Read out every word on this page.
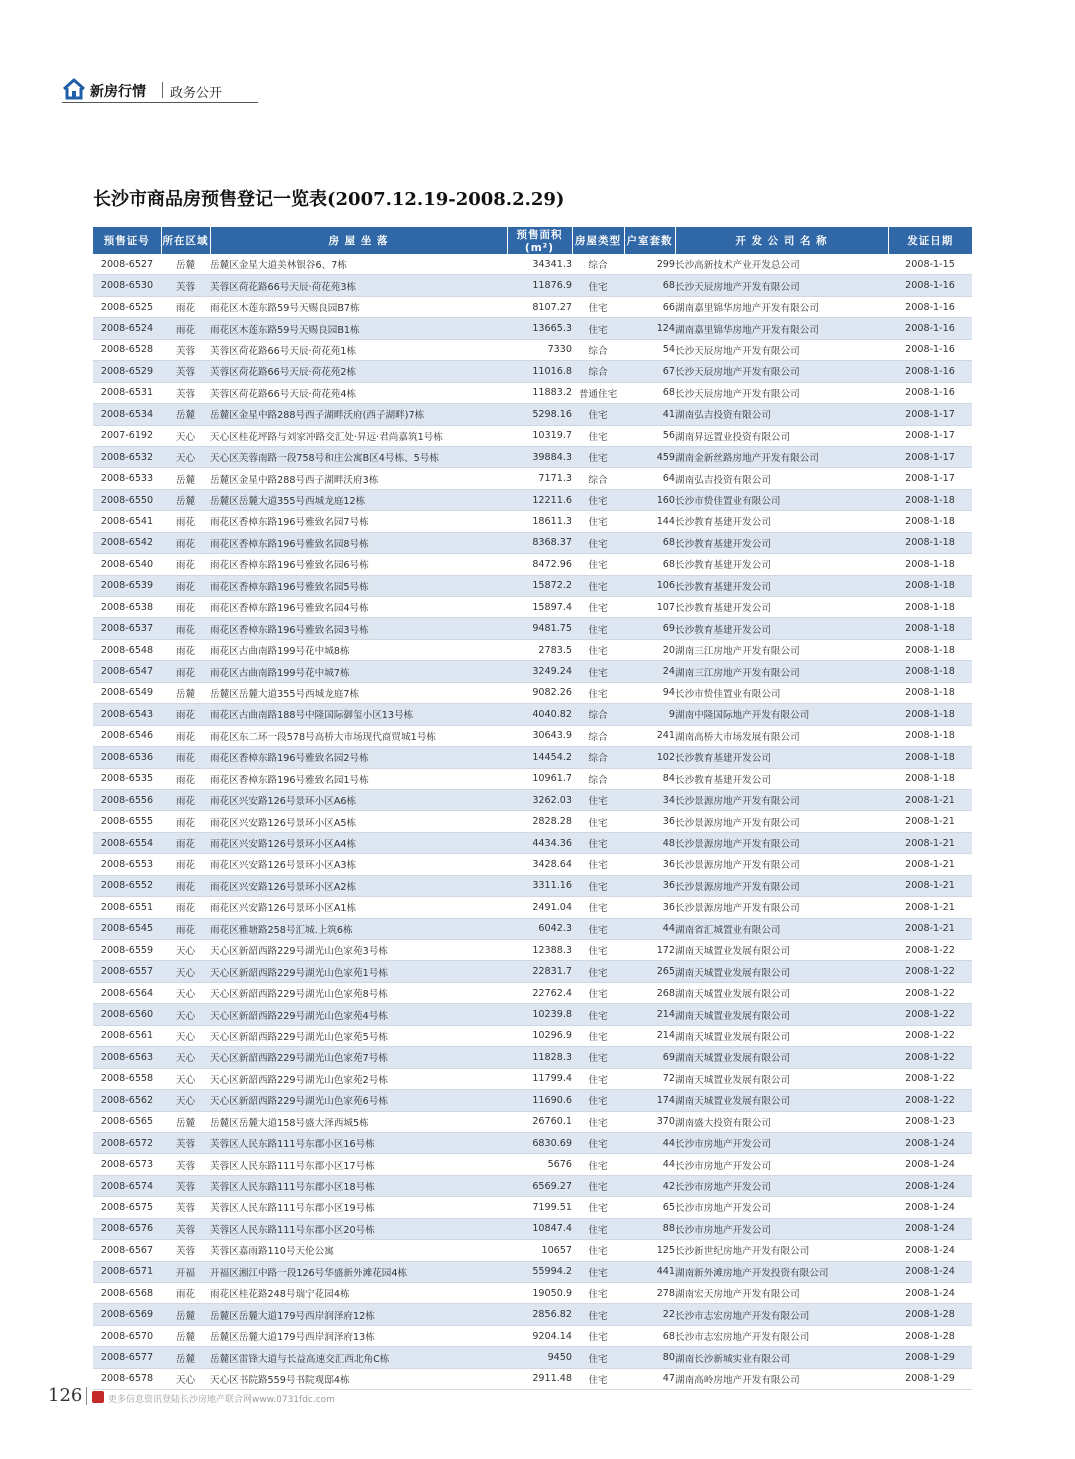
新房行情 政务公开
长沙市商品房预售登记一览表(2007.12.19-2008.2.29)
预售证号	所在区域	房 屋 坐 落	预售面积(m²)	房屋类型	户室套数	开 发 公 司 名 称	发证日期
2008-6527	岳麓	岳麓区金星大道美林银谷6、7栋	34341.3	综合	299	长沙高新技术产业开发总公司	2008-1-15
2008-6530	芙蓉	芙蓉区荷花路66号天辰·荷花苑3栋	11876.9	住宅	68	长沙天辰房地产开发有限公司	2008-1-16
2008-6525	雨花	雨花区木莲东路59号天赐良园B7栋	8107.27	住宅	66	湖南嘉里锦华房地产开发有限公司	2008-1-16
2008-6524	雨花	雨花区木莲东路59号天赐良园B1栋	13665.3	住宅	124	湖南嘉里锦华房地产开发有限公司	2008-1-16
2008-6528	芙蓉	芙蓉区荷花路66号天辰·荷花苑1栋	7330	综合	54	长沙天辰房地产开发有限公司	2008-1-16
2008-6529	芙蓉	芙蓉区荷花路66号天辰·荷花苑2栋	11016.8	综合	67	长沙天辰房地产开发有限公司	2008-1-16
2008-6531	芙蓉	芙蓉区荷花路66号天辰·荷花苑4栋	11883.2	普通住宅	68	长沙天辰房地产开发有限公司	2008-1-16
2008-6534	岳麓	岳麓区金星中路288号西子湖畔沃府(西子湖畔)7栋	5298.16	住宅	41	湖南弘吉投资有限公司	2008-1-17
2007-6192	天心	天心区桂花坪路与刘家冲路交汇处·昇远·君尚嘉筑1号栋	10319.7	住宅	56	湖南昇远置业投资有限公司	2008-1-17
2008-6532	天心	天心区芙蓉南路一段758号和庄公寓B区4号栋、5号栋	39884.3	住宅	459	湖南金新丝路房地产开发有限公司	2008-1-17
2008-6533	岳麓	岳麓区金星中路288号西子湖畔沃府3栋	7171.3	综合	64	湖南弘吉投资有限公司	2008-1-17
2008-6550	岳麓	岳麓区岳麓大道355号西城龙庭12栋	12211.6	住宅	160	长沙市贽佳置业有限公司	2008-1-18
2008-6541	雨花	雨花区香樟东路196号雅致名园7号栋	18611.3	住宅	144	长沙教育基建开发公司	2008-1-18
2008-6542	雨花	雨花区香樟东路196号雅致名园8号栋	8368.37	住宅	68	长沙教育基建开发公司	2008-1-18
2008-6540	雨花	雨花区香樟东路196号雅致名园6号栋	8472.96	住宅	68	长沙教育基建开发公司	2008-1-18
2008-6539	雨花	雨花区香樟东路196号雅致名园5号栋	15872.2	住宅	106	长沙教育基建开发公司	2008-1-18
2008-6538	雨花	雨花区香樟东路196号雅致名园4号栋	15897.4	住宅	107	长沙教育基建开发公司	2008-1-18
2008-6537	雨花	雨花区香樟东路196号雅致名园3号栋	9481.75	住宅	69	长沙教育基建开发公司	2008-1-18
2008-6548	雨花	雨花区古曲南路199号花中城8栋	2783.5	住宅	20	湖南三江房地产开发有限公司	2008-1-18
2008-6547	雨花	雨花区古曲南路199号花中城7栋	3249.24	住宅	24	湖南三江房地产开发有限公司	2008-1-18
2008-6549	岳麓	岳麓区岳麓大道355号西城龙庭7栋	9082.26	住宅	94	长沙市贽佳置业有限公司	2008-1-18
2008-6543	雨花	雨花区古曲南路188号中隆国际御玺小区13号栋	4040.82	综合	9	湖南中隆国际地产开发有限公司	2008-1-18
2008-6546	雨花	雨花区东二环一段578号高桥大市场现代商贸城1号栋	30643.9	综合	241	湖南高桥大市场发展有限公司	2008-1-18
2008-6536	雨花	雨花区香樟东路196号雅致名园2号栋	14454.2	综合	102	长沙教育基建开发公司	2008-1-18
2008-6535	雨花	雨花区香樟东路196号雅致名园1号栋	10961.7	综合	84	长沙教育基建开发公司	2008-1-18
2008-6556	雨花	雨花区兴安路126号景环小区A6栋	3262.03	住宅	34	长沙景源房地产开发有限公司	2008-1-21
2008-6555	雨花	雨花区兴安路126号景环小区A5栋	2828.28	住宅	36	长沙景源房地产开发有限公司	2008-1-21
2008-6554	雨花	雨花区兴安路126号景环小区A4栋	4434.36	住宅	48	长沙景源房地产开发有限公司	2008-1-21
2008-6553	雨花	雨花区兴安路126号景环小区A3栋	3428.64	住宅	36	长沙景源房地产开发有限公司	2008-1-21
2008-6552	雨花	雨花区兴安路126号景环小区A2栋	3311.16	住宅	36	长沙景源房地产开发有限公司	2008-1-21
2008-6551	雨花	雨花区兴安路126号景环小区A1栋	2491.04	住宅	36	长沙景源房地产开发有限公司	2008-1-21
2008-6545	雨花	雨花区雅塘路258号汇城.上筑6栋	6042.3	住宅	44	湖南省汇城置业有限公司	2008-1-21
2008-6559	天心	天心区新韶西路229号湖光山色家苑3号栋	12388.3	住宅	172	湖南天城置业发展有限公司	2008-1-22
2008-6557	天心	天心区新韶西路229号湖光山色家苑1号栋	22831.7	住宅	265	湖南天城置业发展有限公司	2008-1-22
2008-6564	天心	天心区新韶西路229号湖光山色家苑8号栋	22762.4	住宅	268	湖南天城置业发展有限公司	2008-1-22
2008-6560	天心	天心区新韶西路229号湖光山色家苑4号栋	10239.8	住宅	214	湖南天城置业发展有限公司	2008-1-22
2008-6561	天心	天心区新韶西路229号湖光山色家苑5号栋	10296.9	住宅	214	湖南天城置业发展有限公司	2008-1-22
2008-6563	天心	天心区新韶西路229号湖光山色家苑7号栋	11828.3	住宅	69	湖南天城置业发展有限公司	2008-1-22
2008-6558	天心	天心区新韶西路229号湖光山色家苑2号栋	11799.4	住宅	72	湖南天城置业发展有限公司	2008-1-22
2008-6562	天心	天心区新韶西路229号湖光山色家苑6号栋	11690.6	住宅	174	湖南天城置业发展有限公司	2008-1-22
2008-6565	岳麓	岳麓区岳麓大道158号盛大泽西城5栋	26760.1	住宅	370	湖南盛大投资有限公司	2008-1-23
2008-6572	芙蓉	芙蓉区人民东路111号东郡小区16号栋	6830.69	住宅	44	长沙市房地产开发公司	2008-1-24
2008-6573	芙蓉	芙蓉区人民东路111号东郡小区17号栋	5676	住宅	44	长沙市房地产开发公司	2008-1-24
2008-6574	芙蓉	芙蓉区人民东路111号东郡小区18号栋	6569.27	住宅	42	长沙市房地产开发公司	2008-1-24
2008-6575	芙蓉	芙蓉区人民东路111号东郡小区19号栋	7199.51	住宅	65	长沙市房地产开发公司	2008-1-24
2008-6576	芙蓉	芙蓉区人民东路111号东郡小区20号栋	10847.4	住宅	88	长沙市房地产开发公司	2008-1-24
2008-6567	芙蓉	芙蓉区嘉雨路110号天伦公寓	10657	住宅	125	长沙新世纪房地产开发有限公司	2008-1-24
2008-6571	开福	开福区湘江中路一段126号华盛新外滩花园4栋	55994.2	住宅	441	湖南新外滩房地产开发投资有限公司	2008-1-24
2008-6568	雨花	雨花区桂花路248号瑞宁花园4栋	19050.9	住宅	278	湖南宏天房地产开发有限公司	2008-1-24
2008-6569	岳麓	岳麓区岳麓大道179号西岸润泽府12栋	2856.82	住宅	22	长沙市志宏房地产开发有限公司	2008-1-28
2008-6570	岳麓	岳麓区岳麓大道179号西岸润泽府13栋	9204.14	住宅	68	长沙市志宏房地产开发有限公司	2008-1-28
2008-6577	岳麓	岳麓区雷锋大道与长益高速交汇西北角C栋	9450	住宅	80	湖南长沙新城实业有限公司	2008-1-29
2008-6578	天心	天心区书院路559号书院观邸4栋	2911.48	住宅	47	湖南高岭房地产开发有限公司	2008-1-29
126	更多信息资讯登陆长沙房地产联合网www.0731fdc.com
